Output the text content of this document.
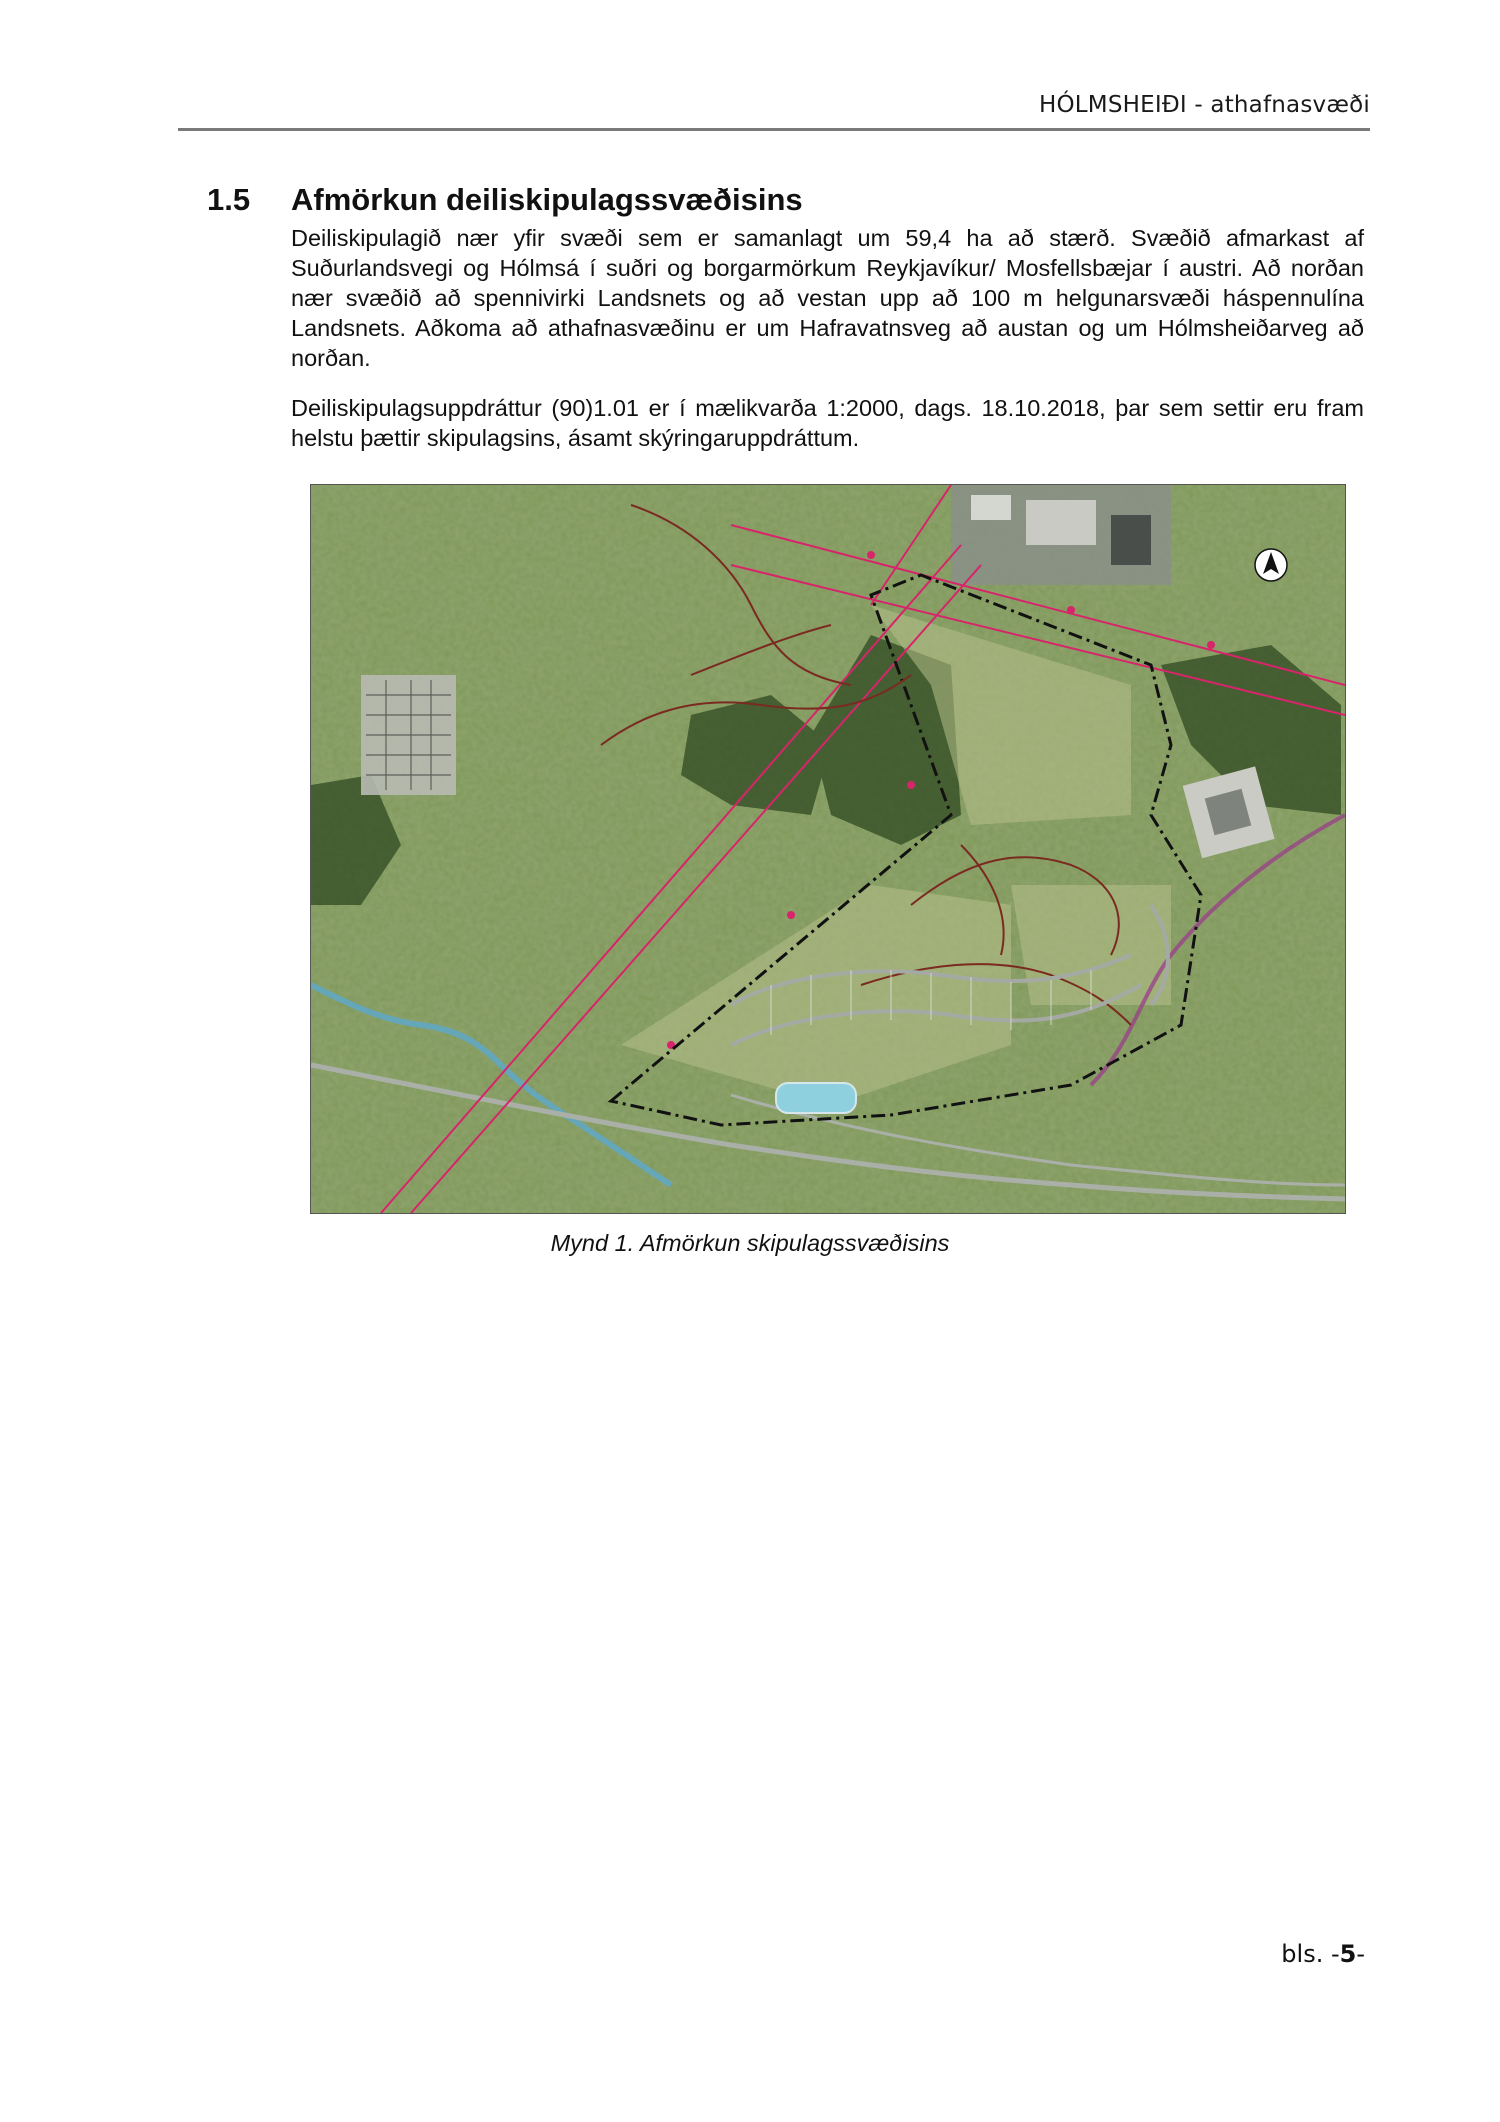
HÓLMSHEIÐI - athafnasvæði
1.5 Afmörkun deiliskipulagssvæðisins
Deiliskipulagið nær yfir svæði sem er samanlagt um 59,4 ha að stærð. Svæðið afmarkast af Suðurlandsvegi og Hólmsá í suðri og borgarmörkum Reykjavíkur/ Mosfellsbæjar í austri. Að norðan nær svæðið að spennivirki Landsnets og að vestan upp að 100 m helgunarsvæði háspennulína Landsnets. Aðkoma að athafnasvæðinu er um Hafravatnsveg að austan og um Hólmsheiðarveg að norðan.
Deiliskipulagsuppdráttur (90)1.01 er í mælikvarða 1:2000, dags. 18.10.2018, þar sem settir eru fram helstu þættir skipulagsins, ásamt skýringaruppdráttum.
Mynd 1. Afmörkun skipulagssvæðisins
bls. -5-
